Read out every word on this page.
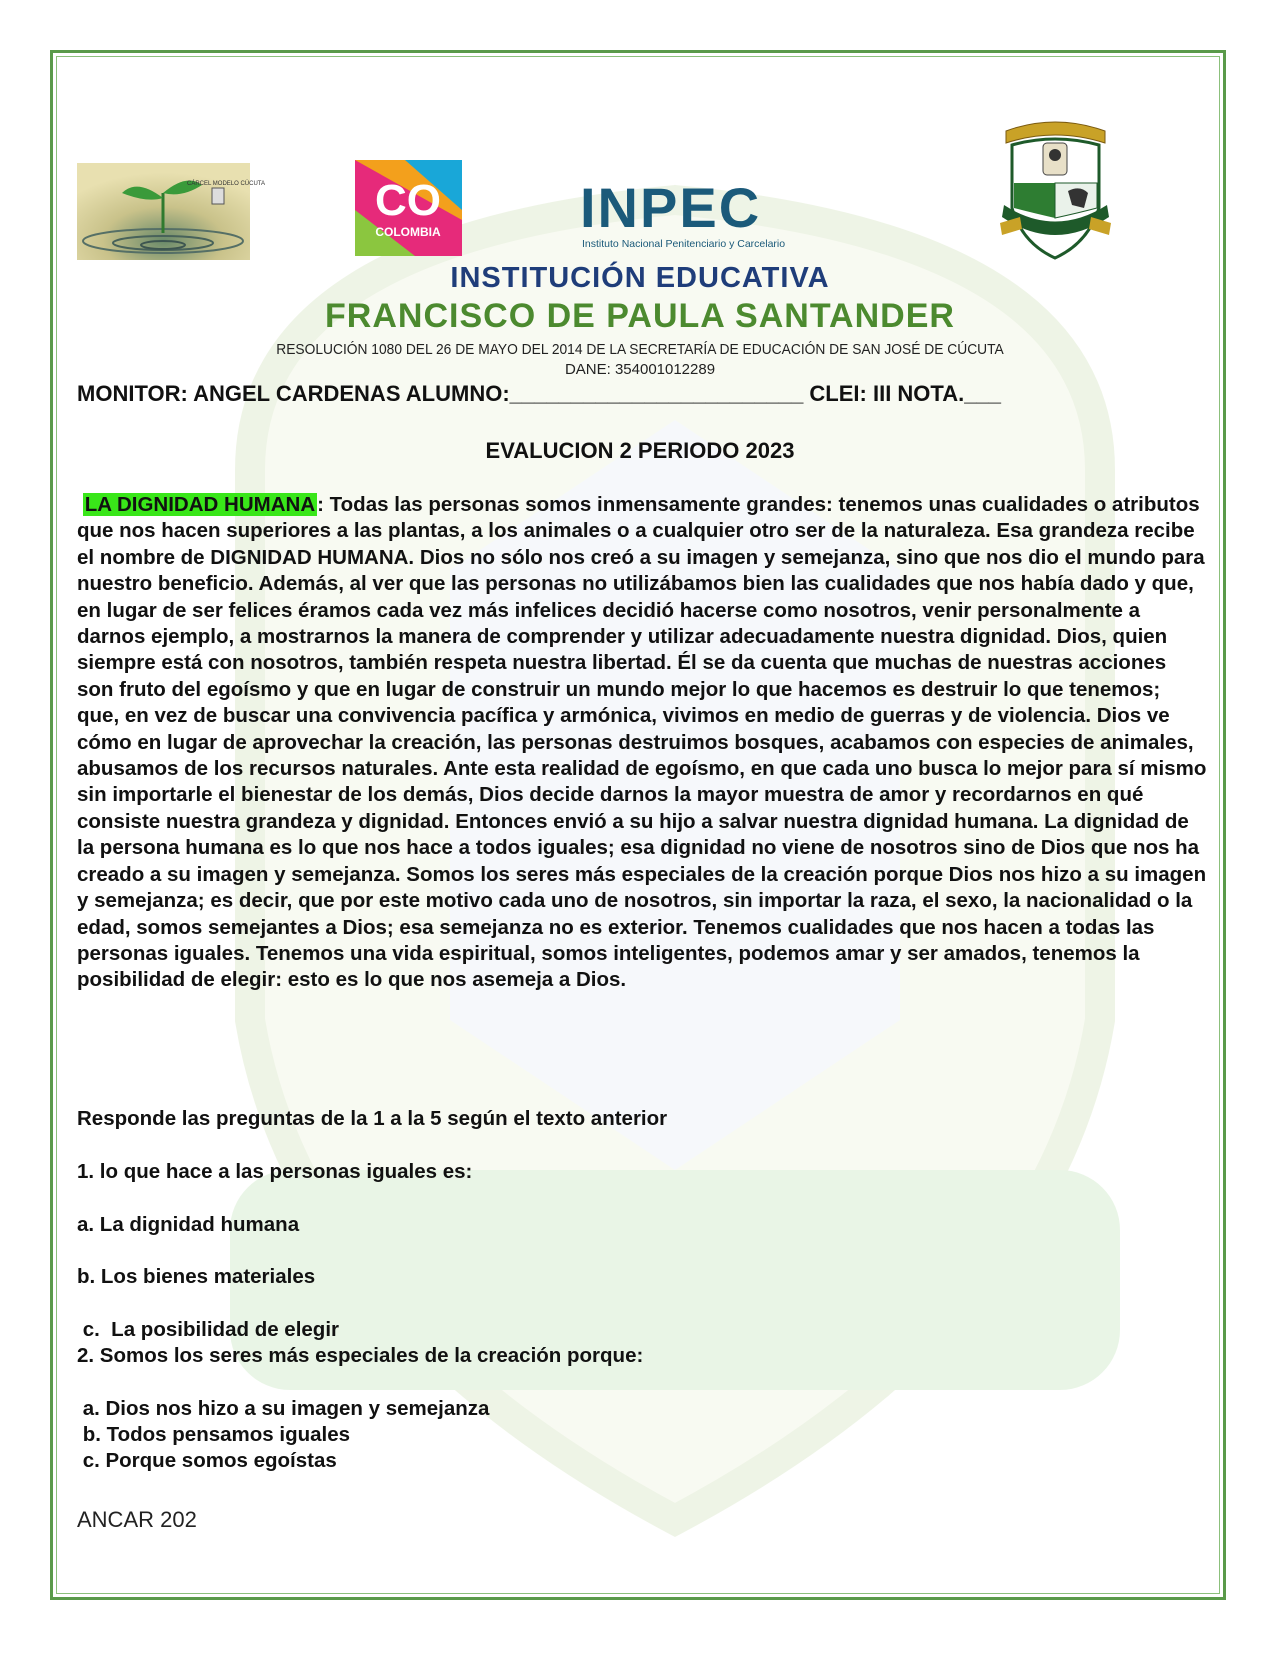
CÁRCEL MODELO CÚCUTA CO
COLOMBIA INPEC
Instituto Nacional Penitenciario y Carcelario
INSTITUCIÓN EDUCATIVA
FRANCISCO DE PAULA SANTANDER
RESOLUCIÓN 1080 DEL 26 DE MAYO DEL 2014 DE LA SECRETARÍA DE EDUCACIÓN DE SAN JOSÉ DE CÚCUTA
DANE: 354001012289
MONITOR: ANGEL CARDENAS ALUMNO:________________________ CLEI: III NOTA.___
EVALUCION 2 PERIODO 2023

LA DIGNIDAD HUMANA: Todas las personas somos inmensamente grandes: tenemos unas cualidades o atributos que nos hacen superiores a las plantas, a los animales o a cualquier otro ser de la naturaleza. Esa grandeza recibe el nombre de DIGNIDAD HUMANA. Dios no sólo nos creó a su imagen y semejanza, sino que nos dio el mundo para nuestro beneficio. Además, al ver que las personas no utilizábamos bien las cualidades que nos había dado y que, en lugar de ser felices éramos cada vez más infelices decidió hacerse como nosotros, venir personalmente a darnos ejemplo, a mostrarnos la manera de comprender y utilizar adecuadamente nuestra dignidad. Dios, quien siempre está con nosotros, también respeta nuestra libertad. Él se da cuenta que muchas de nuestras acciones son fruto del egoísmo y que en lugar de construir un mundo mejor lo que hacemos es destruir lo que tenemos; que, en vez de buscar una convivencia pacífica y armónica, vivimos en medio de guerras y de violencia. Dios ve cómo en lugar de aprovechar la creación, las personas destruimos bosques, acabamos con especies de animales, abusamos de los recursos naturales. Ante esta realidad de egoísmo, en que cada uno busca lo mejor para sí mismo sin importarle el bienestar de los demás, Dios decide darnos la mayor muestra de amor y recordarnos en qué consiste nuestra grandeza y dignidad. Entonces envió a su hijo a salvar nuestra dignidad humana. La dignidad de la persona humana es lo que nos hace a todos iguales; esa dignidad no viene de nosotros sino de Dios que nos ha creado a su imagen y semejanza. Somos los seres más especiales de la creación porque Dios nos hizo a su imagen y semejanza; es decir, que por este motivo cada uno de nosotros, sin importar la raza, el sexo, la nacionalidad o la edad, somos semejantes a Dios; esa semejanza no es exterior. Tenemos cualidades que nos hacen a todas las personas iguales. Tenemos una vida espiritual, somos inteligentes, podemos amar y ser amados, tenemos la posibilidad de elegir: esto es lo que nos asemeja a Dios.

Responde las preguntas de la 1 a la 5 según el texto anterior
1. lo que hace a las personas iguales es:
a. La dignidad humana
b. Los bienes materiales
c.  La posibilidad de elegir
2. Somos los seres más especiales de la creación porque:
a. Dios nos hizo a su imagen y semejanza
b. Todos pensamos iguales
c. Porque somos egoístas
ANCAR 202
